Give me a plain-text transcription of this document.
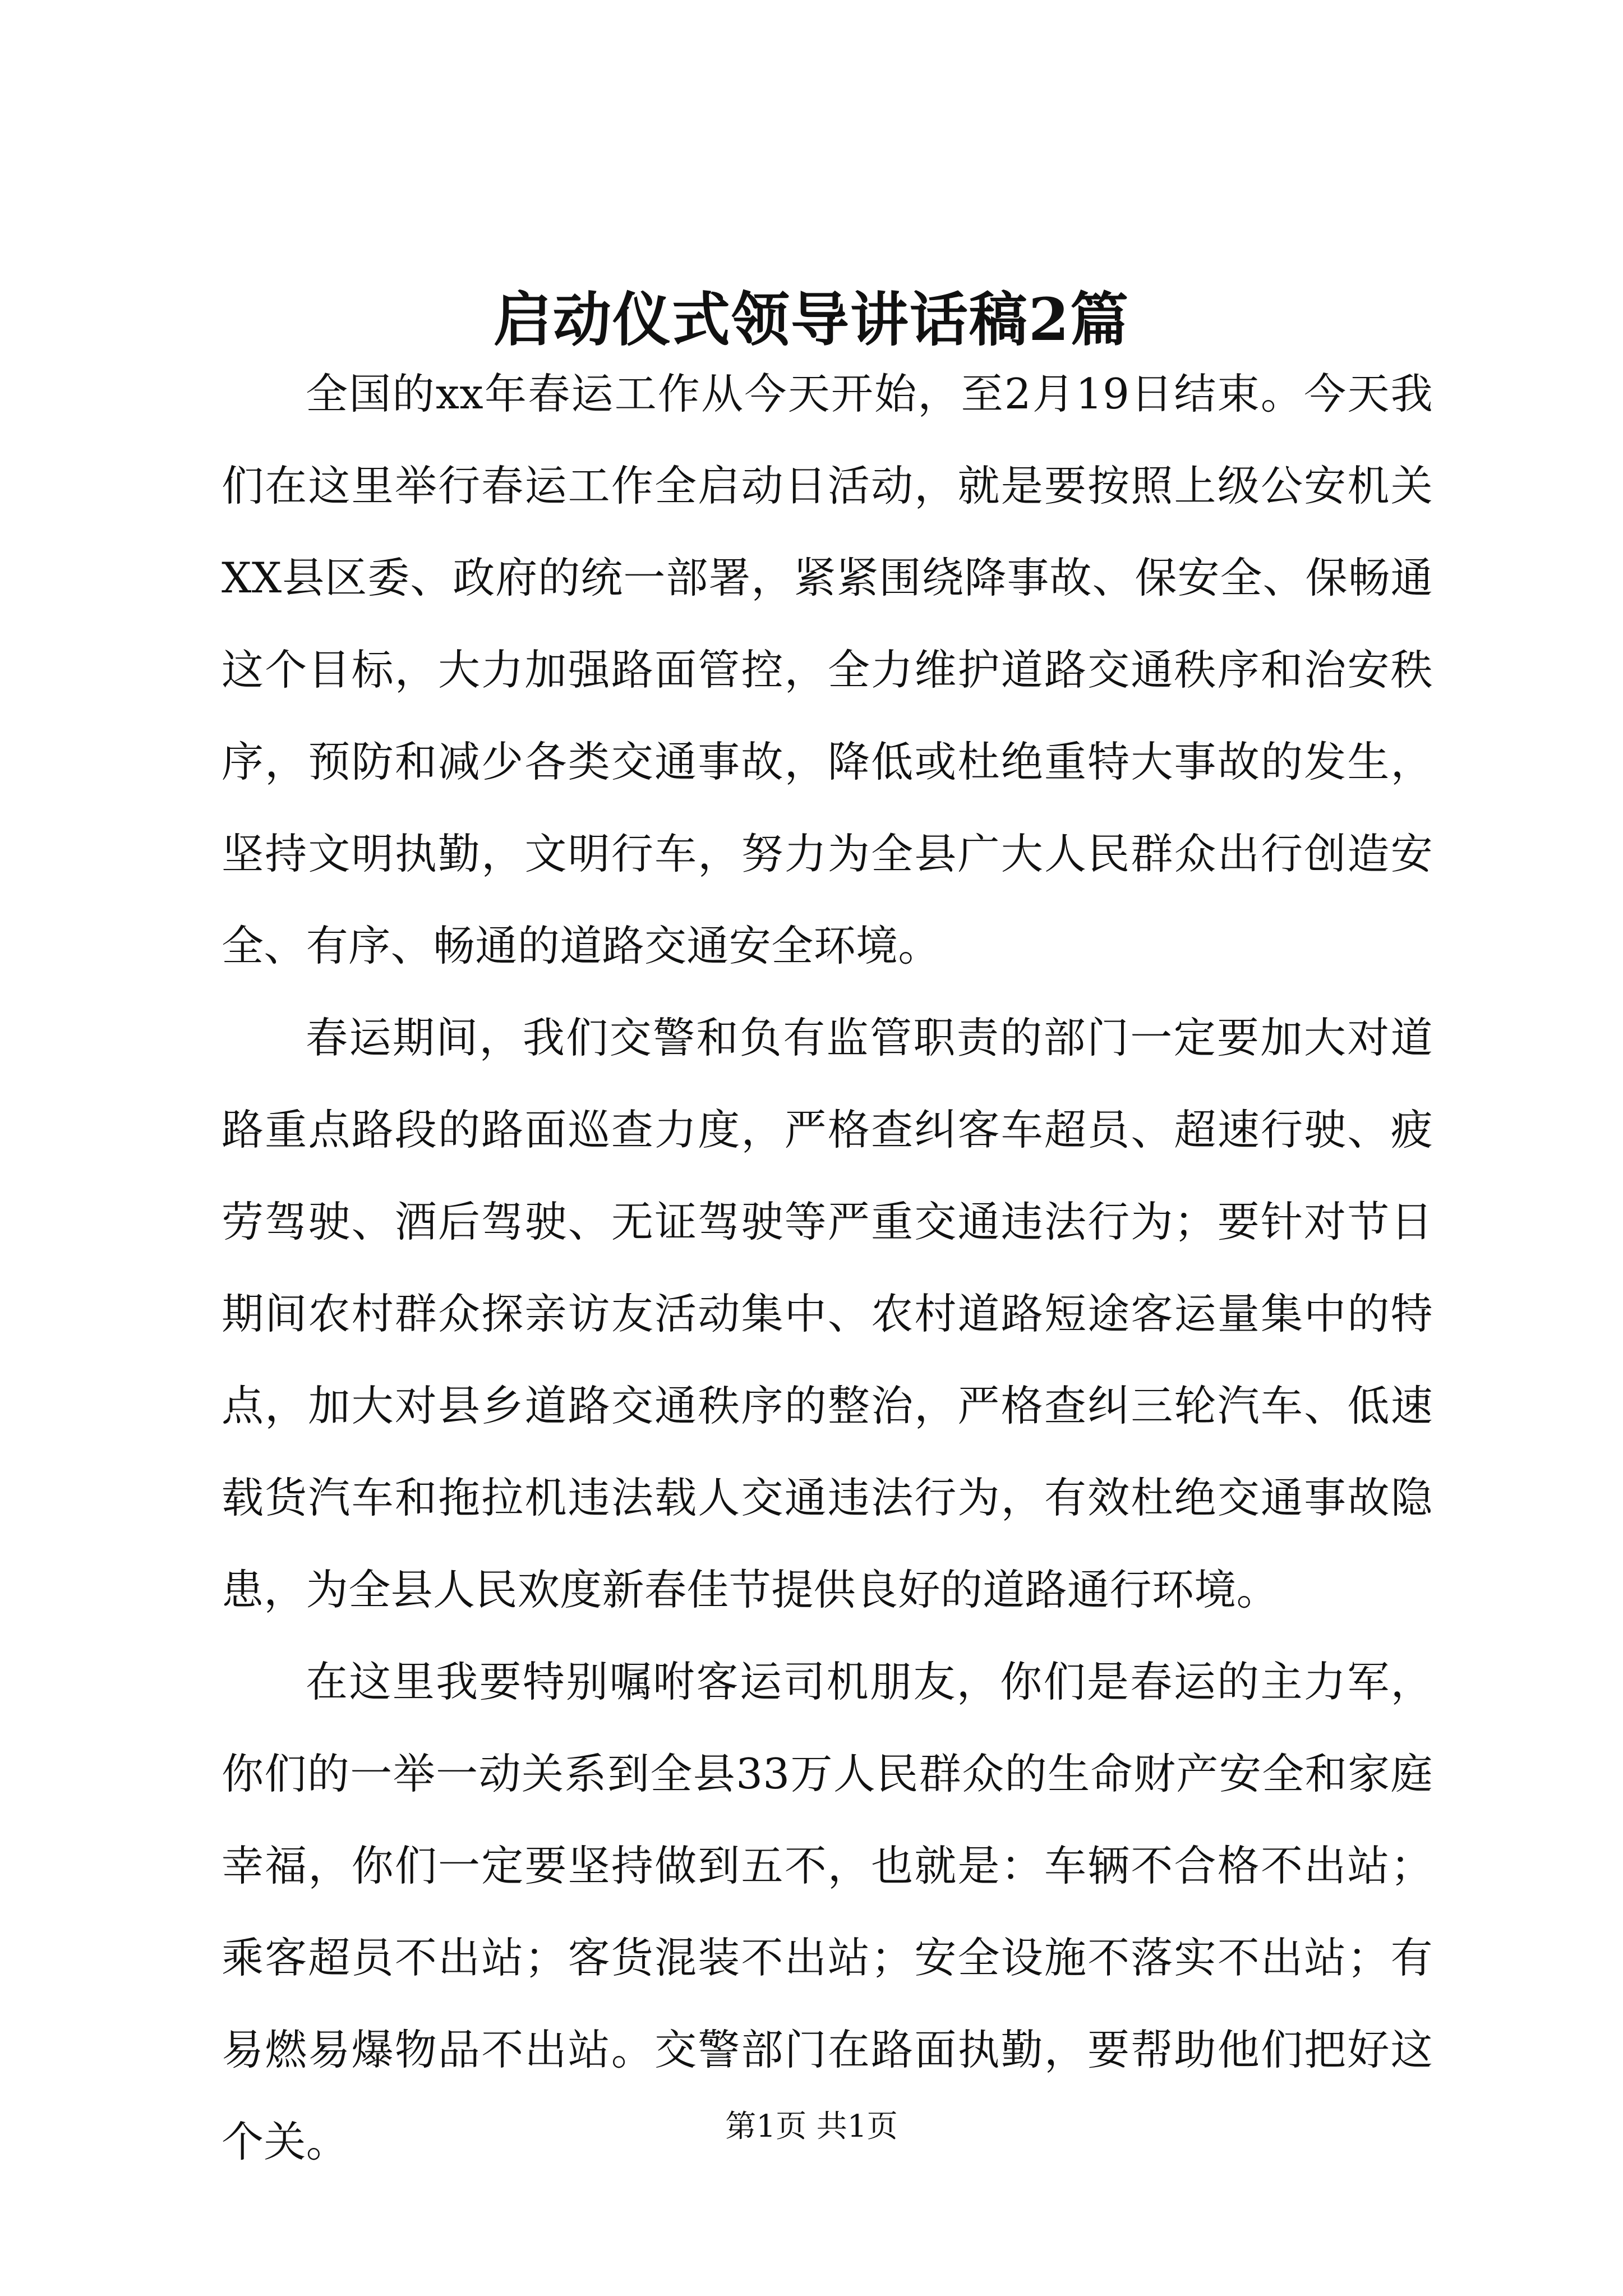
启动仪式领导讲话稿2篇

全国的xx年春运工作从今天开始，至2月19日结束。今天我们在这里举行春运工作全启动日活动，就是要按照上级公安机关XX县区委、政府的统一部署，紧紧围绕降事故、保安全、保畅通这个目标，大力加强路面管控，全力维护道路交通秩序和治安秩序，预防和减少各类交通事故，降低或杜绝重特大事故的发生，坚持文明执勤，文明行车，努力为全县广大人民群众出行创造安全、有序、畅通的道路交通安全环境。

春运期间，我们交警和负有监管职责的部门一定要加大对道路重点路段的路面巡查力度，严格查纠客车超员、超速行驶、疲劳驾驶、酒后驾驶、无证驾驶等严重交通违法行为；要针对节日期间农村群众探亲访友活动集中、农村道路短途客运量集中的特点，加大对县乡道路交通秩序的整治，严格查纠三轮汽车、低速载货汽车和拖拉机违法载人交通违法行为，有效杜绝交通事故隐患，为全县人民欢度新春佳节提供良好的道路通行环境。

在这里我要特别嘱咐客运司机朋友，你们是春运的主力军，你们的一举一动关系到全县33万人民群众的生命财产安全和家庭幸福，你们一定要坚持做到五不，也就是：车辆不合格不出站；乘客超员不出站；客货混装不出站；安全设施不落实不出站；有易燃易爆物品不出站。交警部门在路面执勤，要帮助他们把好这个关。	第1页 共1页
